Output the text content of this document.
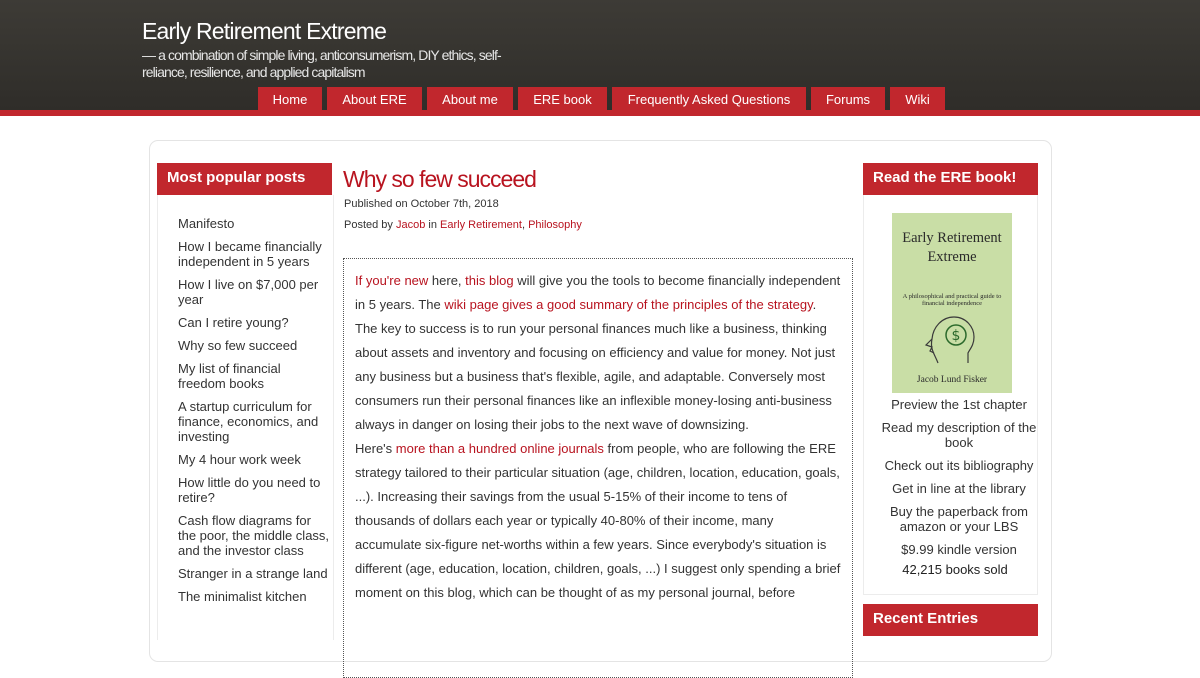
Early Retirement Extreme
— a combination of simple living, anticonsumerism, DIY ethics, self-reliance, resilience, and applied capitalism
Home	About ERE	About me	ERE book	Frequently Asked Questions	Forums	Wiki
Most popular posts
Manifesto
How I became financially independent in 5 years
How I live on $7,000 per year
Can I retire young?
Why so few succeed
My list of financial freedom books
A startup curriculum for finance, economics, and investing
My 4 hour work week
How little do you need to retire?
Cash flow diagrams for the poor, the middle class, and the investor class
Stranger in a strange land
The minimalist kitchen
Why so few succeed
Published on October 7th, 2018
Posted by Jacob in Early Retirement, Philosophy

If you're new here, this blog will give you the tools to become financially independent in 5 years. The wiki page gives a good summary of the principles of the strategy. The key to success is to run your personal finances much like a business, thinking about assets and inventory and focusing on efficiency and value for money. Not just any business but a business that's flexible, agile, and adaptable. Conversely most consumers run their personal finances like an inflexible money-losing anti-business always in danger on losing their jobs to the next wave of downsizing.

Here's more than a hundred online journals from people, who are following the ERE strategy tailored to their particular situation (age, children, location, education, goals, ...). Increasing their savings from the usual 5-15% of their income to tens of thousands of dollars each year or typically 40-80% of their income, many accumulate six-figure net-worths within a few years. Since everybody's situation is different (age, education, location, children, goals, ...) I suggest only spending a brief moment on this blog, which can be thought of as my personal journal, before

Read the ERE book!
Early Retirement Extreme
A philosophical and practical guide to financial independence
$
Jacob Lund Fisker
Preview the 1st chapter
Read my description of the book
Check out its bibliography
Get in line at the library
Buy the paperback from amazon or your LBS
$9.99 kindle version
42,215 books sold
Recent Entries
